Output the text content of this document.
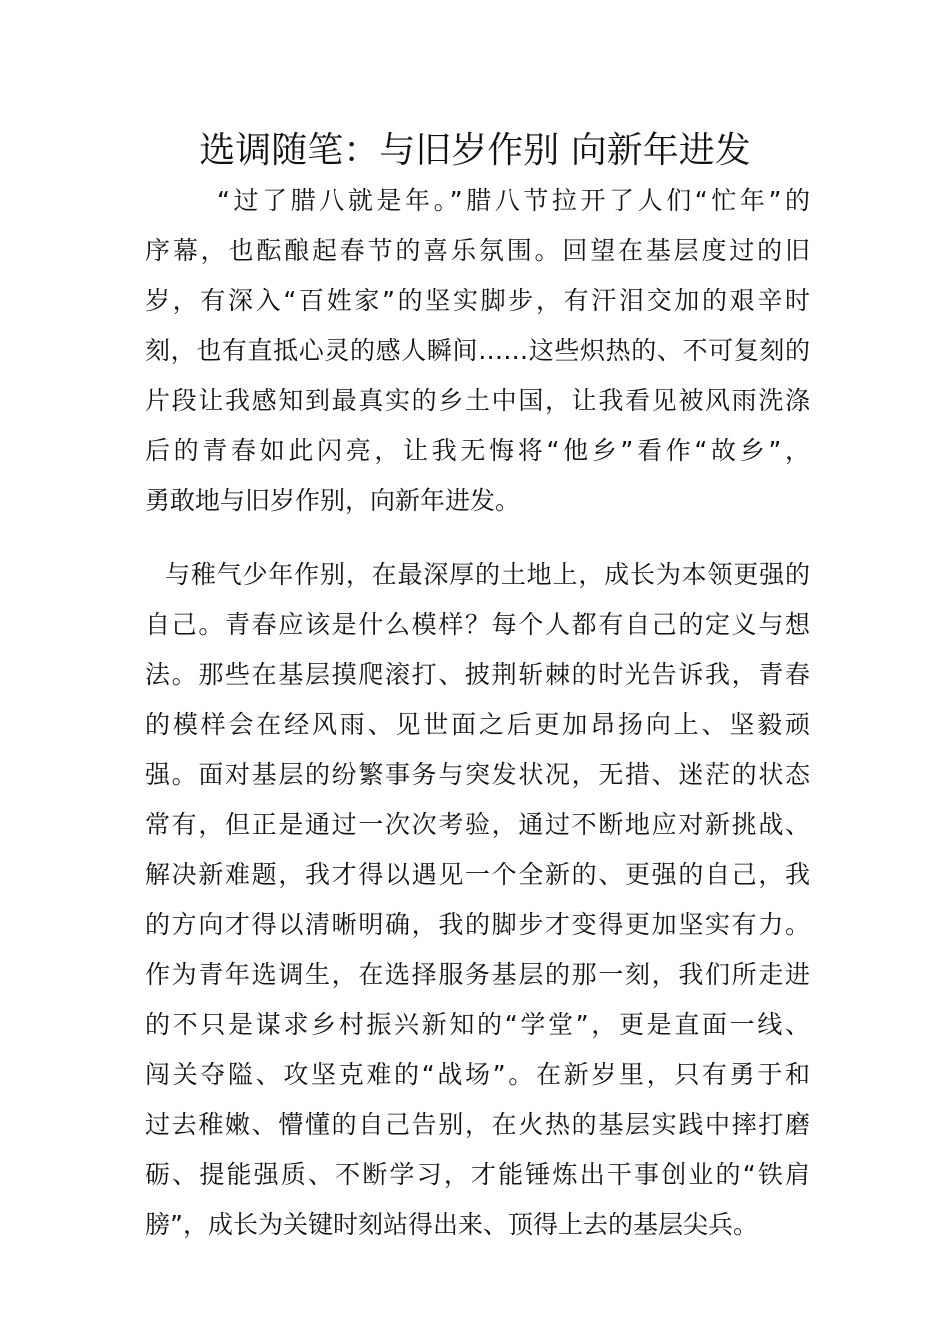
选调随笔：与旧岁作别 向新年进发
“过了腊八就是年。”腊八节拉开了人们“忙年”的
序幕，也酝酿起春节的喜乐氛围。回望在基层度过的旧
岁，有深入“百姓家”的坚实脚步，有汗泪交加的艰辛时
刻，也有直抵心灵的感人瞬间……这些炽热的、不可复刻的
片段让我感知到最真实的乡土中国，让我看见被风雨洗涤
后的青春如此闪亮，让我无悔将“他乡”看作“故乡”，
勇敢地与旧岁作别，向新年进发。
与稚气少年作别，在最深厚的土地上，成长为本领更强的
自己。青春应该是什么模样？每个人都有自己的定义与想
法。那些在基层摸爬滚打、披荆斩棘的时光告诉我，青春
的模样会在经风雨、见世面之后更加昂扬向上、坚毅顽
强。面对基层的纷繁事务与突发状况，无措、迷茫的状态
常有，但正是通过一次次考验，通过不断地应对新挑战、
解决新难题，我才得以遇见一个全新的、更强的自己，我
的方向才得以清晰明确，我的脚步才变得更加坚实有力。
作为青年选调生，在选择服务基层的那一刻，我们所走进
的不只是谋求乡村振兴新知的“学堂”，更是直面一线、
闯关夺隘、攻坚克难的“战场”。在新岁里，只有勇于和
过去稚嫩、懵懂的自己告别，在火热的基层实践中摔打磨
砺、提能强质、不断学习，才能锤炼出干事创业的“铁肩
膀”，成长为关键时刻站得出来、顶得上去的基层尖兵。
